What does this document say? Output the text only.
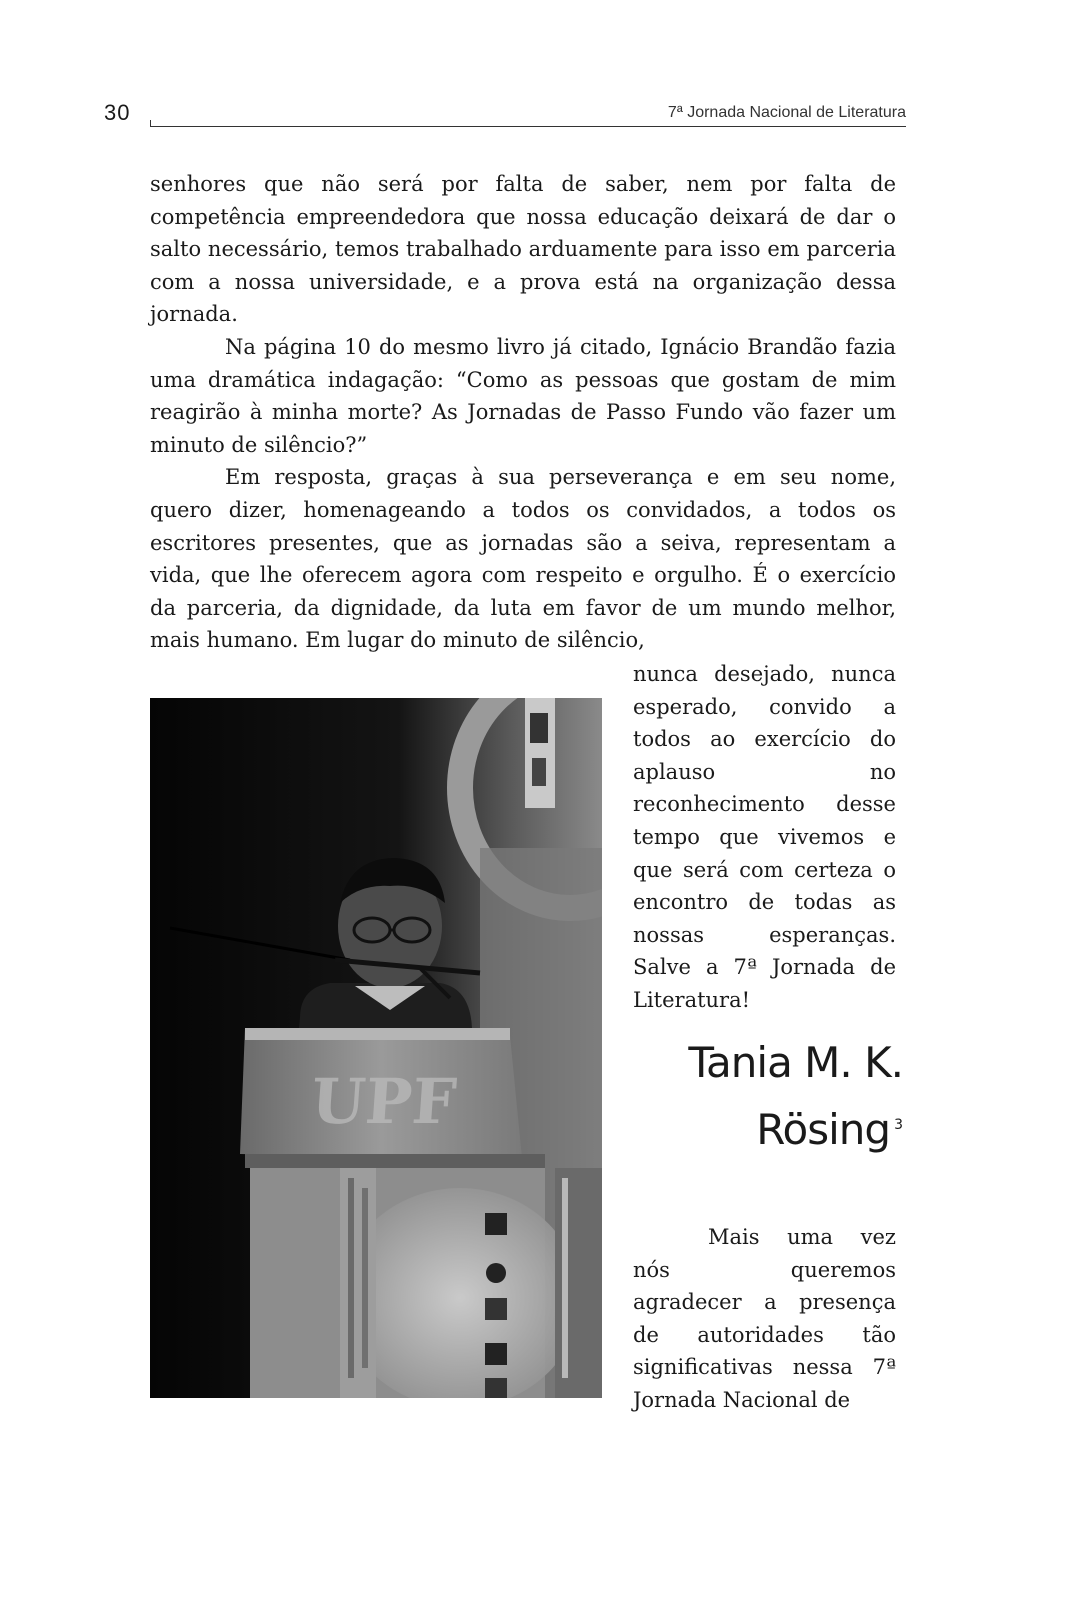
30	7ª Jornada Nacional de Literatura

senhores que não será por falta de saber, nem por falta de competência empreendedora que nossa educação deixará de dar o salto necessário, temos trabalhado arduamente para isso em parceria com a nossa universidade, e a prova está na organização dessa jornada.

Na página 10 do mesmo livro já citado, Ignácio Brandão fazia uma dramática indagação: “Como as pessoas que gostam de mim reagirão à minha morte? As Jornadas de Passo Fundo vão fazer um minuto de silêncio?”

Em resposta, graças à sua perseverança e em seu nome, quero dizer, homenageando a todos os convidados, a todos os escritores presentes, que as jornadas são a seiva, representam a vida, que lhe oferecem agora com respeito e orgulho. É o exercício da parceria, da dignidade, da luta em favor de um mundo melhor, mais humano. Em lugar do minuto de silêncio,

nunca desejado, nunca esperado, convido a todos ao exercício do aplauso no reconhecimento desse tempo que vivemos e que será com certeza o encontro de todas as nossas esperanças. Salve a 7ª Jornada de Literatura!

UPF
Tania M. K.
Rösing $^3$

Mais uma vez nós queremos agradecer a presença de autoridades tão significativas nessa 7ª Jornada Nacional de
